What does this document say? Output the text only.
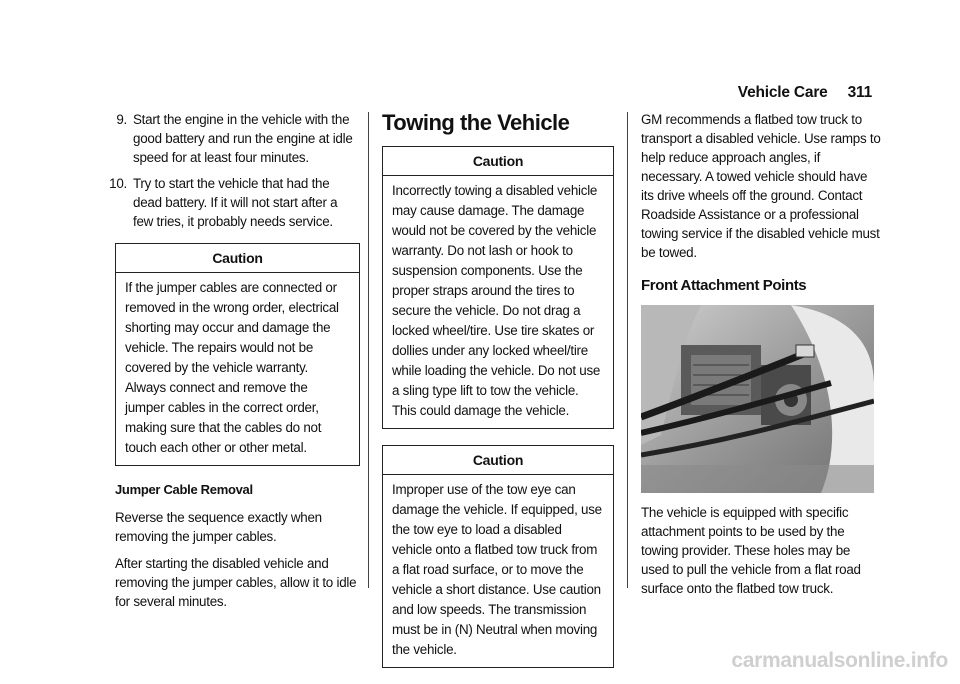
Vehicle Care 311
9. Start the engine in the vehicle with the good battery and run the engine at idle speed for at least four minutes.
10. Try to start the vehicle that had the dead battery. If it will not start after a few tries, it probably needs service.
Caution
If the jumper cables are connected or removed in the wrong order, electrical shorting may occur and damage the vehicle. The repairs would not be covered by the vehicle warranty. Always connect and remove the jumper cables in the correct order, making sure that the cables do not touch each other or other metal.
Jumper Cable Removal

Reverse the sequence exactly when removing the jumper cables.

After starting the disabled vehicle and removing the jumper cables, allow it to idle for several minutes.

Towing the Vehicle
Caution
Incorrectly towing a disabled vehicle may cause damage. The damage would not be covered by the vehicle warranty. Do not lash or hook to suspension components. Use the proper straps around the tires to secure the vehicle. Do not drag a locked wheel/tire. Use tire skates or dollies under any locked wheel/tire while loading the vehicle. Do not use a sling type lift to tow the vehicle. This could damage the vehicle.
Caution
Improper use of the tow eye can damage the vehicle. If equipped, use the tow eye to load a disabled vehicle onto a flatbed tow truck from a flat road surface, or to move the vehicle a short distance. Use caution and low speeds. The transmission must be in (N) Neutral when moving the vehicle.

GM recommends a flatbed tow truck to transport a disabled vehicle. Use ramps to help reduce approach angles, if necessary. A towed vehicle should have its drive wheels off the ground. Contact Roadside Assistance or a professional towing service if the disabled vehicle must be towed.

Front Attachment Points

The vehicle is equipped with specific attachment points to be used by the towing provider. These holes may be used to pull the vehicle from a flat road surface onto the flatbed tow truck.

carmanualsonline.info
